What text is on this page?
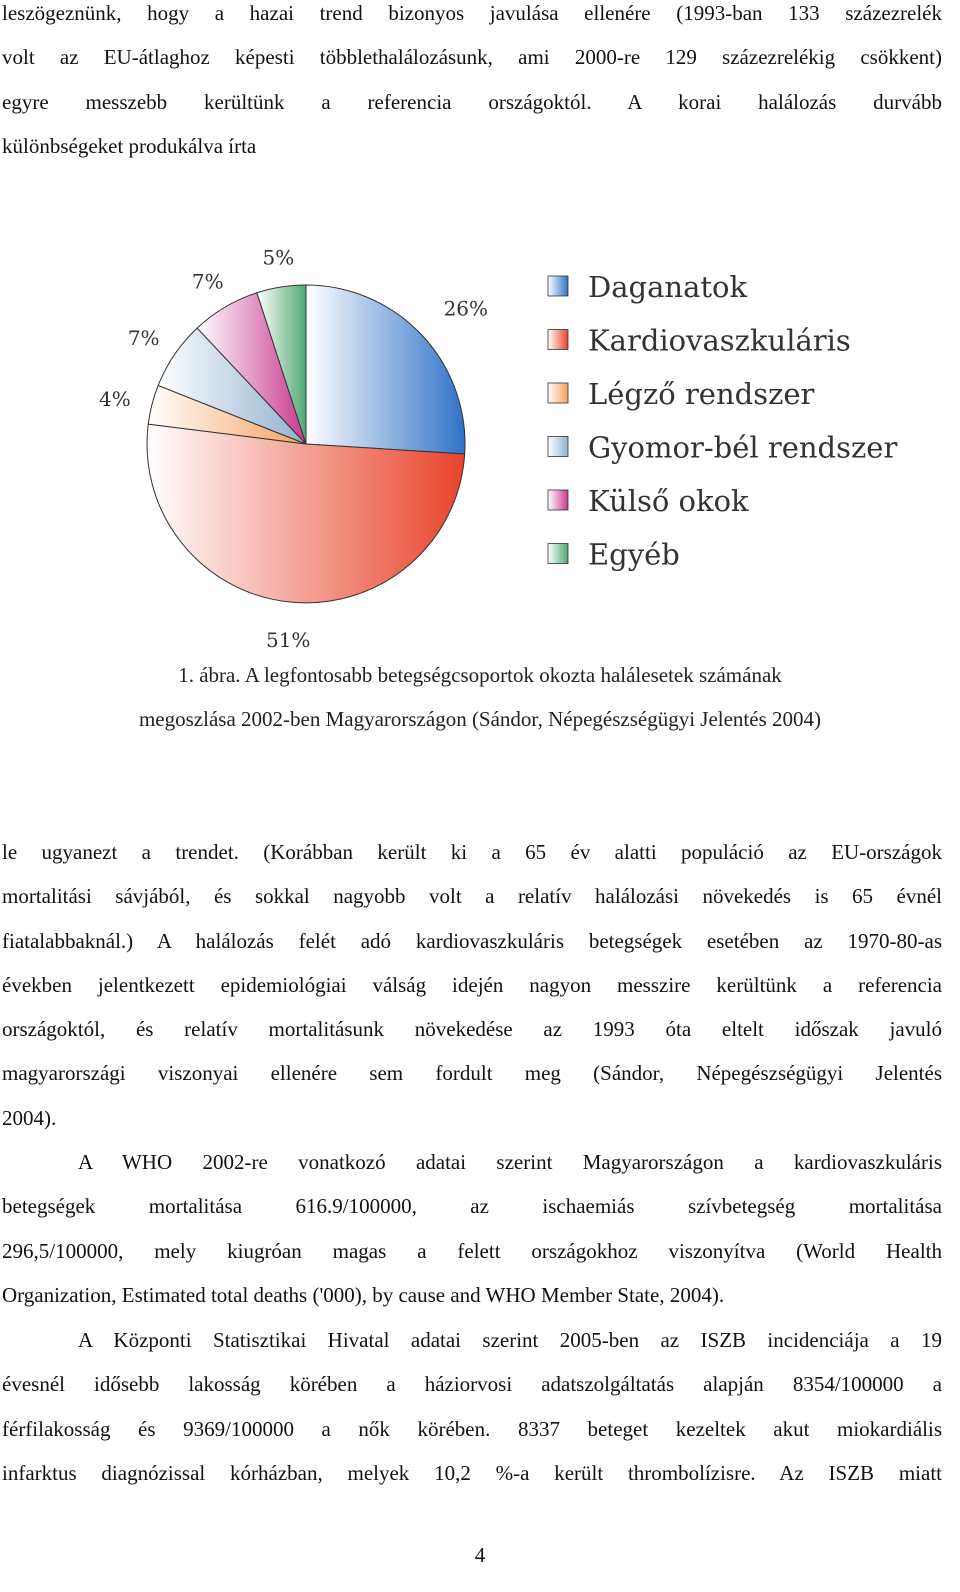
leszögeznünk, hogy a hazai trend bizonyos javulása ellenére (1993-ban 133 százezrelék
volt az EU-átlaghoz képesti többlethalálozásunk, ami 2000-re 129 százezrelékig csökkent)
egyre messzebb kerültünk a referencia országoktól. A korai halálozás durvább
különbségeket produkálva írta
26%
51%
4%
7%
7%
5%
Daganatok
Kardiovaszkuláris
Légző rendszer
Gyomor-bél rendszer
Külső okok
Egyéb
1. ábra. A legfontosabb betegségcsoportok okozta halálesetek számának
megoszlása 2002-ben Magyarországon (Sándor, Népegészségügyi Jelentés 2004)
le ugyanezt a trendet. (Korábban került ki a 65 év alatti populáció az EU-országok
mortalitási sávjából, és sokkal nagyobb volt a relatív halálozási növekedés is 65 évnél
fiatalabbaknál.) A halálozás felét adó kardiovaszkuláris betegségek esetében az 1970-80-as
években jelentkezett epidemiológiai válság idején nagyon messzire kerültünk a referencia
országoktól, és relatív mortalitásunk növekedése az 1993 óta eltelt időszak javuló
magyarországi viszonyai ellenére sem fordult meg (Sándor, Népegészségügyi Jelentés
2004).
A WHO 2002-re vonatkozó adatai szerint Magyarországon a kardiovaszkuláris
betegségek mortalitása 616.9/100000, az ischaemiás szívbetegség mortalitása
296,5/100000, mely kiugróan magas a felett országokhoz viszonyítva (World Health
Organization, Estimated total deaths ('000), by cause and WHO Member State, 2004).
A Központi Statisztikai Hivatal adatai szerint 2005-ben az ISZB incidenciája a 19
évesnél idősebb lakosság körében a háziorvosi adatszolgáltatás alapján 8354/100000 a
férfilakosság és 9369/100000 a nők körében. 8337 beteget kezeltek akut miokardiális
infarktus diagnózissal kórházban, melyek 10,2 %-a került thrombolízisre. Az ISZB miatt
4
